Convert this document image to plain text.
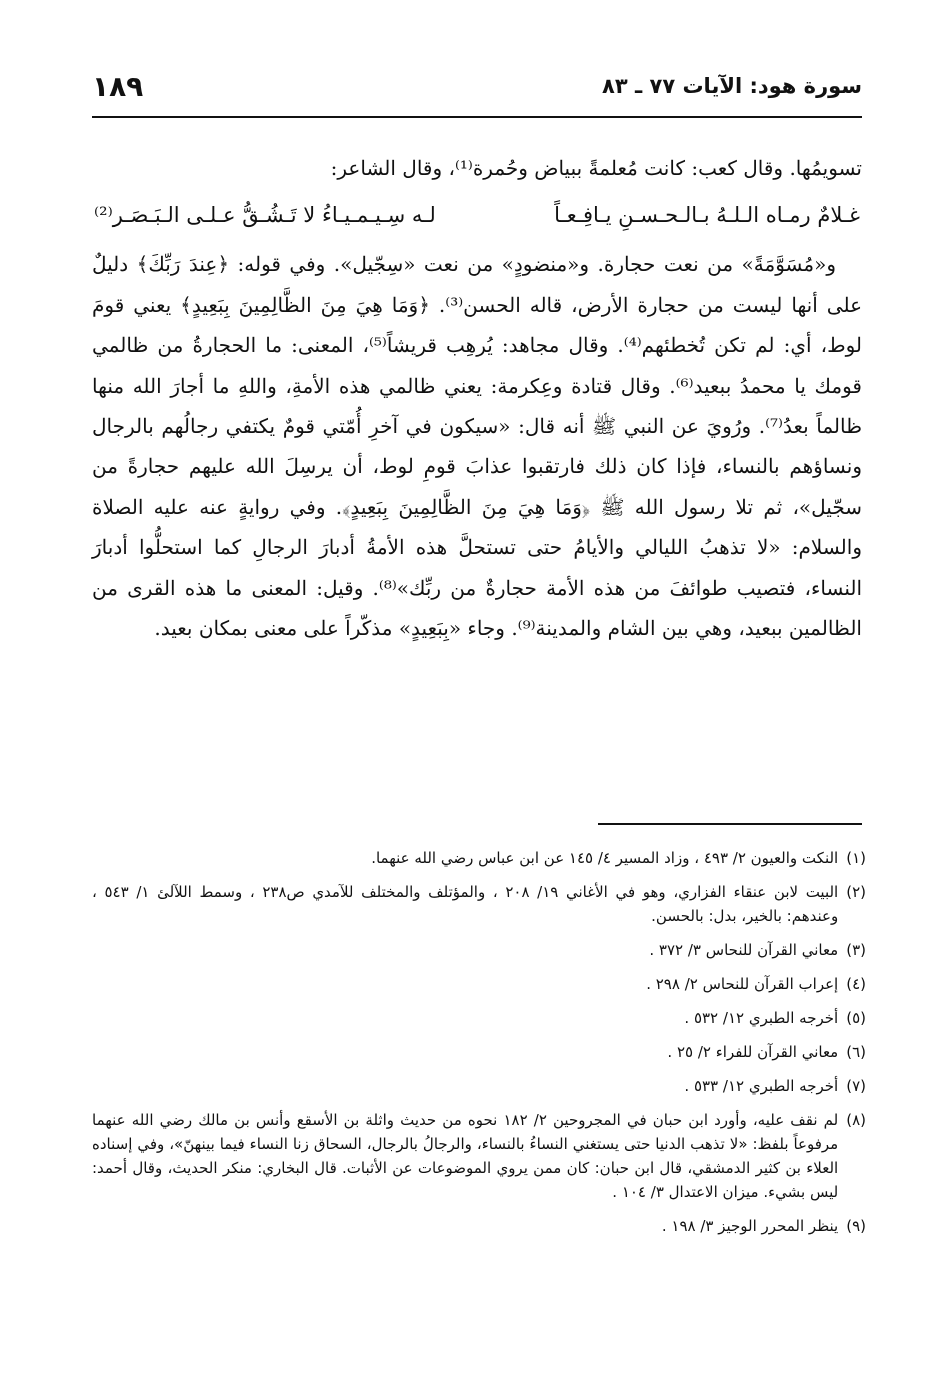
سورة هود: الآيات ٧٧ ـ ٨٣
١٨٩

تسويمُها. وقال كعب: كانت مُعلمةً ببياض وحُمرة⁽¹⁾، وقال الشاعر:

غـلامٌ رمـاه الـلـهُ بـالـحـسـنِ يـافِـعـاً
لـه سِـيـمـيـاءُ لا تَـشُـقُّ عـلـى الـبَـصَـر⁽²⁾

و«مُسَوَّمَةً» من نعت حجارة. و«منضودٍ» من نعت «سِجّيل». وفي قوله: ﴿عِندَ رَبِّكَ﴾ دليلٌ على أنها ليست من حجارة الأرض، قاله الحسن⁽³⁾. ﴿وَمَا هِيَ مِنَ الظَّالِمِينَ بِبَعِيدٍ﴾ يعني قومَ لوط، أي: لم تكن تُخطئهم⁽⁴⁾. وقال مجاهد: يُرهِب قريشاً⁽⁵⁾، المعنى: ما الحجارةُ من ظالمي قومك يا محمدُ ببعيد⁽⁶⁾. وقال قتادة وعِكرمة: يعني ظالمي هذه الأمةِ، واللهِ ما أجارَ الله منها ظالماً بعدُ⁽⁷⁾. ورُويَ عن النبي ﷺ أنه قال: «سيكون في آخرِ أُمّتي قومٌ يكتفي رجالُهم بالرجال ونساؤهم بالنساء، فإذا كان ذلك فارتقبوا عذابَ قومِ لوط، أن يرسِلَ الله عليهم حجارةً من سجّيل»، ثم تلا رسول الله ﷺ ﴿وَمَا هِيَ مِنَ الظَّالِمِينَ بِبَعِيدٍ﴾. وفي روايةٍ عنه عليه الصلاة والسلام: «لا تذهبُ الليالي والأيامُ حتى تستحلَّ هذه الأمةُ أدبارَ الرجالِ كما استحلُّوا أدبارَ النساء، فتصيب طوائفَ من هذه الأمة حجارةٌ من ربِّك»⁽⁸⁾. وقيل: المعنى ما هذه القرى من الظالمين ببعيد، وهي بين الشام والمدينة⁽⁹⁾. وجاء «بِبَعِيدٍ» مذكّراً على معنى بمكان بعيد.

(١)
النكت والعيون ٢/ ٤٩٣ ، وزاد المسير ٤/ ١٤٥ عن ابن عباس رضي الله عنهما.
(٢)
البيت لابن عنقاء الفزاري، وهو في الأغاني ١٩/ ٢٠٨ ، والمؤتلف والمختلف للآمدي ص٢٣٨ ، وسمط اللآلئ ١/ ٥٤٣ ، وعندهم: بالخير، بدل: بالحسن.
(٣)
معاني القرآن للنحاس ٣/ ٣٧٢ .
(٤)
إعراب القرآن للنحاس ٢/ ٢٩٨ .
(٥)
أخرجه الطبري ١٢/ ٥٣٢ .
(٦)
معاني القرآن للفراء ٢/ ٢٥ .
(٧)
أخرجه الطبري ١٢/ ٥٣٣ .
(٨)
لم نقف عليه، وأورد ابن حبان في المجروحين ٢/ ١٨٢ نحوه من حديث واثلة بن الأسقع وأنس بن مالك رضي الله عنهما مرفوعاً بلفظ: «لا تذهب الدنيا حتى يستغني النساءُ بالنساء، والرجالُ بالرجال، السحاق زنا النساء فيما بينهنّ»، وفي إسناده العلاء بن كثير الدمشقي، قال ابن حبان: كان ممن يروي الموضوعات عن الأثبات. قال البخاري: منكر الحديث، وقال أحمد: ليس بشيء. ميزان الاعتدال ٣/ ١٠٤ .
(٩)
ينظر المحرر الوجيز ٣/ ١٩٨ .
